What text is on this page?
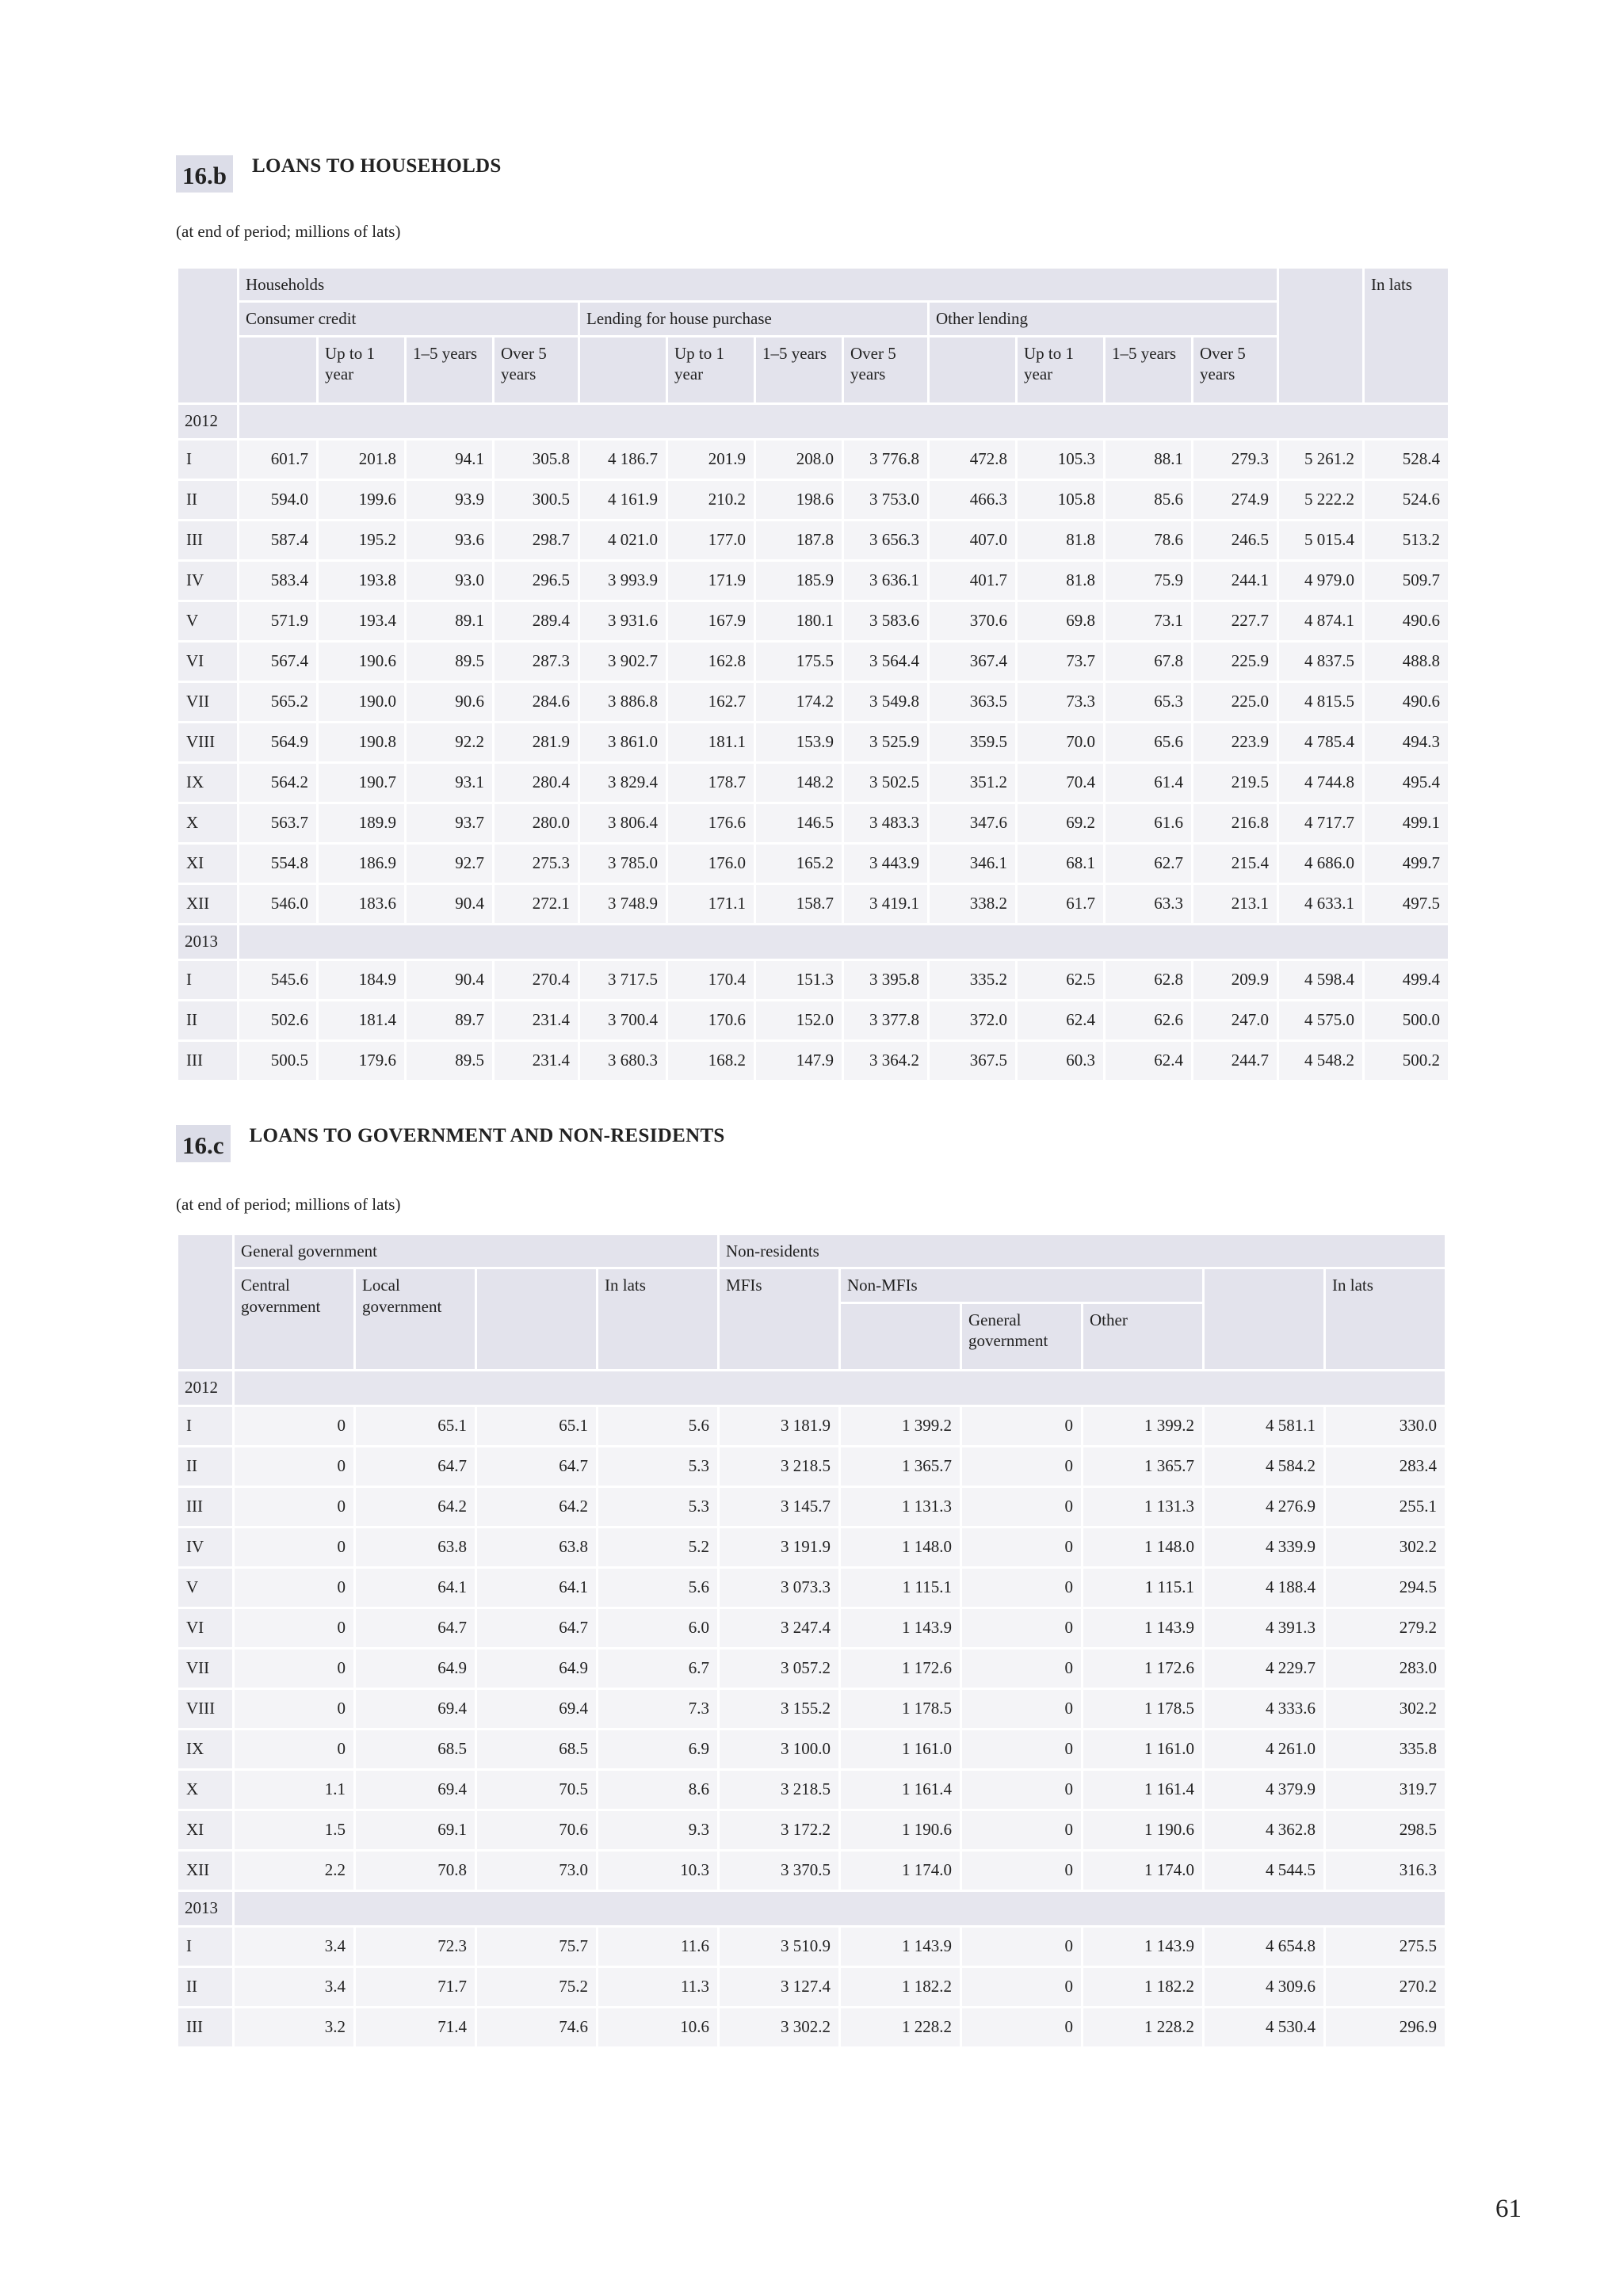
16.b	LOANS TO HOUSEHOLDS
(at end of period; millions of lats)
	Households													In lats
	Consumer credit				Lending for house purchase				Other lending					
		Up to 1 year	1–5 years	Over 5 years		Up to 1 year	1–5 years	Over 5 years		Up to 1 year	1–5 years	Over 5 years		
2012														
I	601.7	201.8	94.1	305.8	4 186.7	201.9	208.0	3 776.8	472.8	105.3	88.1	279.3	5 261.2	528.4
II	594.0	199.6	93.9	300.5	4 161.9	210.2	198.6	3 753.0	466.3	105.8	85.6	274.9	5 222.2	524.6
III	587.4	195.2	93.6	298.7	4 021.0	177.0	187.8	3 656.3	407.0	81.8	78.6	246.5	5 015.4	513.2
IV	583.4	193.8	93.0	296.5	3 993.9	171.9	185.9	3 636.1	401.7	81.8	75.9	244.1	4 979.0	509.7
V	571.9	193.4	89.1	289.4	3 931.6	167.9	180.1	3 583.6	370.6	69.8	73.1	227.7	4 874.1	490.6
VI	567.4	190.6	89.5	287.3	3 902.7	162.8	175.5	3 564.4	367.4	73.7	67.8	225.9	4 837.5	488.8
VII	565.2	190.0	90.6	284.6	3 886.8	162.7	174.2	3 549.8	363.5	73.3	65.3	225.0	4 815.5	490.6
VIII	564.9	190.8	92.2	281.9	3 861.0	181.1	153.9	3 525.9	359.5	70.0	65.6	223.9	4 785.4	494.3
IX	564.2	190.7	93.1	280.4	3 829.4	178.7	148.2	3 502.5	351.2	70.4	61.4	219.5	4 744.8	495.4
X	563.7	189.9	93.7	280.0	3 806.4	176.6	146.5	3 483.3	347.6	69.2	61.6	216.8	4 717.7	499.1
XI	554.8	186.9	92.7	275.3	3 785.0	176.0	165.2	3 443.9	346.1	68.1	62.7	215.4	4 686.0	499.7
XII	546.0	183.6	90.4	272.1	3 748.9	171.1	158.7	3 419.1	338.2	61.7	63.3	213.1	4 633.1	497.5
2013														
I	545.6	184.9	90.4	270.4	3 717.5	170.4	151.3	3 395.8	335.2	62.5	62.8	209.9	4 598.4	499.4
II	502.6	181.4	89.7	231.4	3 700.4	170.6	152.0	3 377.8	372.0	62.4	62.6	247.0	4 575.0	500.0
III	500.5	179.6	89.5	231.4	3 680.3	168.2	147.9	3 364.2	367.5	60.3	62.4	244.7	4 548.2	500.2
16.c	LOANS TO GOVERNMENT AND NON-RESIDENTS
(at end of period; millions of lats)
	General government				Non-residents					
	Central government	Local government		In lats	MFIs	Non-MFIs				In lats
							General government	Other		
2012										
I	0	65.1	65.1	5.6	3 181.9	1 399.2	0	1 399.2	4 581.1	330.0
II	0	64.7	64.7	5.3	3 218.5	1 365.7	0	1 365.7	4 584.2	283.4
III	0	64.2	64.2	5.3	3 145.7	1 131.3	0	1 131.3	4 276.9	255.1
IV	0	63.8	63.8	5.2	3 191.9	1 148.0	0	1 148.0	4 339.9	302.2
V	0	64.1	64.1	5.6	3 073.3	1 115.1	0	1 115.1	4 188.4	294.5
VI	0	64.7	64.7	6.0	3 247.4	1 143.9	0	1 143.9	4 391.3	279.2
VII	0	64.9	64.9	6.7	3 057.2	1 172.6	0	1 172.6	4 229.7	283.0
VIII	0	69.4	69.4	7.3	3 155.2	1 178.5	0	1 178.5	4 333.6	302.2
IX	0	68.5	68.5	6.9	3 100.0	1 161.0	0	1 161.0	4 261.0	335.8
X	1.1	69.4	70.5	8.6	3 218.5	1 161.4	0	1 161.4	4 379.9	319.7
XI	1.5	69.1	70.6	9.3	3 172.2	1 190.6	0	1 190.6	4 362.8	298.5
XII	2.2	70.8	73.0	10.3	3 370.5	1 174.0	0	1 174.0	4 544.5	316.3
2013										
I	3.4	72.3	75.7	11.6	3 510.9	1 143.9	0	1 143.9	4 654.8	275.5
II	3.4	71.7	75.2	11.3	3 127.4	1 182.2	0	1 182.2	4 309.6	270.2
III	3.2	71.4	74.6	10.6	3 302.2	1 228.2	0	1 228.2	4 530.4	296.9
61
